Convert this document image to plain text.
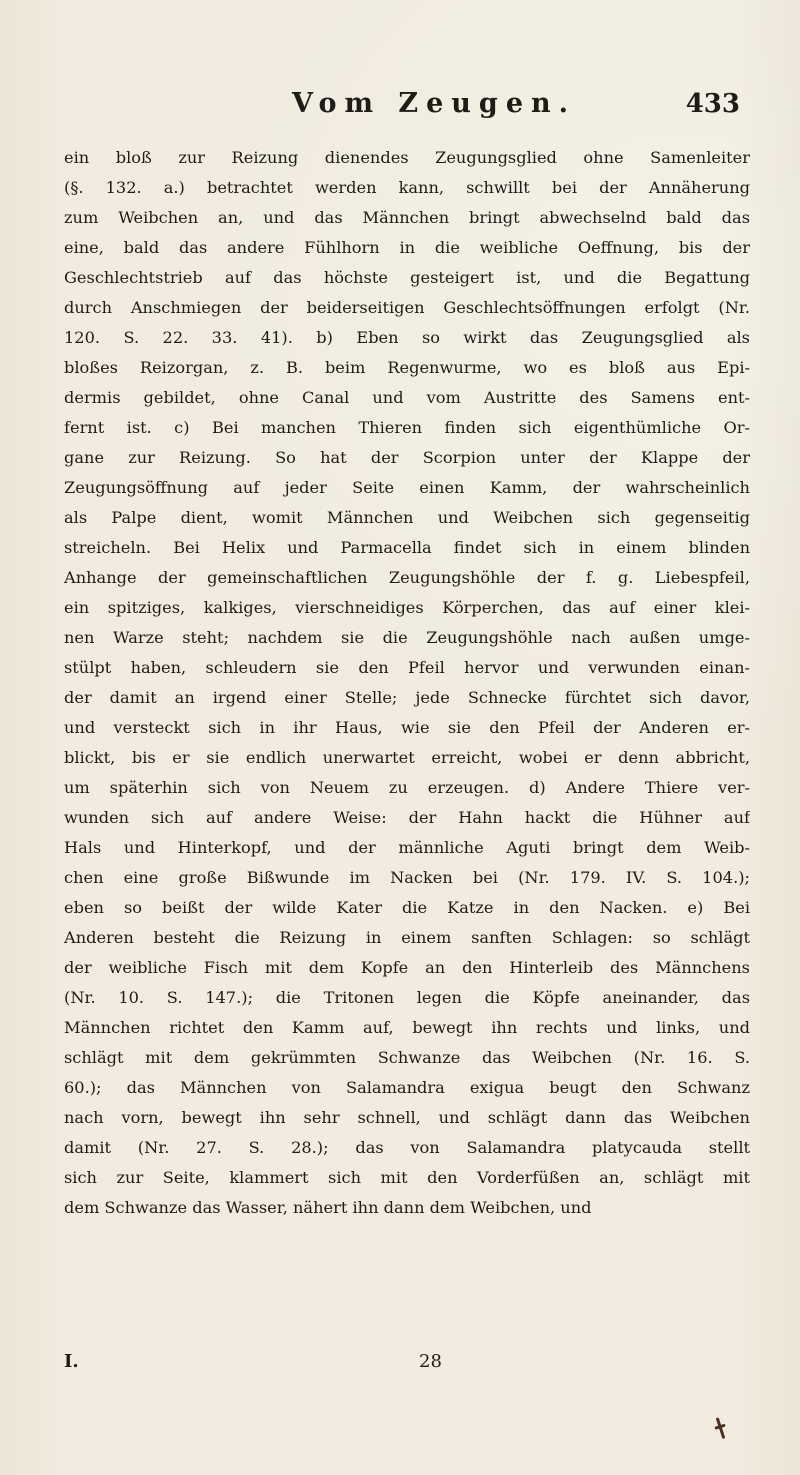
Vom Zeugen.	433
ein bloß zur Reizung dienendes Zeugungsglied ohne Samenleiter
(§. 132. a.) betrachtet werden kann, schwillt bei der Annäherung
zum Weibchen an, und das Männchen bringt abwechselnd bald das
eine, bald das andere Fühlhorn in die weibliche Oeffnung, bis der
Geschlechtstrieb auf das höchste gesteigert ist, und die Begattung
durch Anschmiegen der beiderseitigen Geschlechtsöffnungen erfolgt (Nr.
120. S. 22. 33. 41). b) Eben so wirkt das Zeugungsglied als
bloßes Reizorgan, z. B. beim Regenwurme, wo es bloß aus Epi-
dermis gebildet, ohne Canal und vom Austritte des Samens ent-
fernt ist. c) Bei manchen Thieren finden sich eigenthümliche Or-
gane zur Reizung. So hat der Scorpion unter der Klappe der
Zeugungsöffnung auf jeder Seite einen Kamm, der wahrscheinlich
als Palpe dient, womit Männchen und Weibchen sich gegenseitig
streicheln. Bei Helix und Parmacella findet sich in einem blinden
Anhange der gemeinschaftlichen Zeugungshöhle der f. g. Liebespfeil,
ein spitziges, kalkiges, vierschneidiges Körperchen, das auf einer klei-
nen Warze steht; nachdem sie die Zeugungshöhle nach außen umge-
stülpt haben, schleudern sie den Pfeil hervor und verwunden einan-
der damit an irgend einer Stelle; jede Schnecke fürchtet sich davor,
und versteckt sich in ihr Haus, wie sie den Pfeil der Anderen er-
blickt, bis er sie endlich unerwartet erreicht, wobei er denn abbricht,
um späterhin sich von Neuem zu erzeugen. d) Andere Thiere ver-
wunden sich auf andere Weise: der Hahn hackt die Hühner auf
Hals und Hinterkopf, und der männliche Aguti bringt dem Weib-
chen eine große Bißwunde im Nacken bei (Nr. 179. IV. S. 104.);
eben so beißt der wilde Kater die Katze in den Nacken. e) Bei
Anderen besteht die Reizung in einem sanften Schlagen: so schlägt
der weibliche Fisch mit dem Kopfe an den Hinterleib des Männchens
(Nr. 10. S. 147.); die Tritonen legen die Köpfe aneinander, das
Männchen richtet den Kamm auf, bewegt ihn rechts und links, und
schlägt mit dem gekrümmten Schwanze das Weibchen (Nr. 16. S.
60.); das Männchen von Salamandra exigua beugt den Schwanz
nach vorn, bewegt ihn sehr schnell, und schlägt dann das Weibchen
damit (Nr. 27. S. 28.); das von Salamandra platycauda stellt
sich zur Seite, klammert sich mit den Vorderfüßen an, schlägt mit
dem Schwanze das Wasser, nähert ihn dann dem Weibchen, und
I.	28
